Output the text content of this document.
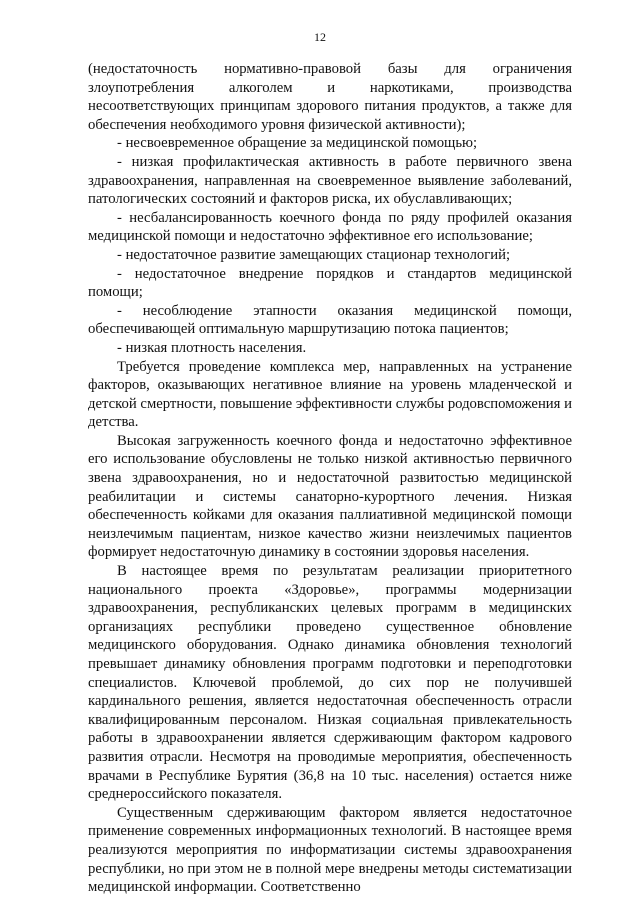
12

(недостаточность нормативно-правовой базы для ограничения злоупотребления алкоголем и наркотиками, производства несоответствующих принципам здорового питания продуктов, а также для обеспечения необходимого уровня физической активности);

- несвоевременное обращение за медицинской помощью;

- низкая профилактическая активность в работе первичного звена здравоохранения, направленная на своевременное выявление заболеваний, патологических состояний и факторов риска, их обуславливающих;

- несбалансированность коечного фонда по ряду профилей оказания медицинской помощи и недостаточно эффективное его использование;

- недостаточное развитие замещающих стационар технологий;

- недостаточное внедрение порядков и стандартов медицинской помощи;

- несоблюдение этапности оказания медицинской помощи, обеспечивающей оптимальную маршрутизацию потока пациентов;

- низкая плотность населения.

Требуется проведение комплекса мер, направленных на устранение факторов, оказывающих негативное влияние на уровень младенческой и детской смертности, повышение эффективности службы родовспоможения и детства.

Высокая загруженность коечного фонда и недостаточно эффективное его использование обусловлены не только низкой активностью первичного звена здравоохранения, но и недостаточной развитостью медицинской реабилитации и системы санаторно-курортного лечения. Низкая обеспеченность койками для оказания паллиативной медицинской помощи неизлечимым пациентам, низкое качество жизни неизлечимых пациентов формирует недостаточную динамику в состоянии здоровья населения.

В настоящее время по результатам реализации приоритетного национального проекта «Здоровье», программы модернизации здравоохранения, республиканских целевых программ в медицинских организациях республики проведено существенное обновление медицинского оборудования. Однако динамика обновления технологий превышает динамику обновления программ подготовки и переподготовки специалистов. Ключевой проблемой, до сих пор не получившей кардинального решения, является недостаточная обеспеченность отрасли квалифицированным персоналом. Низкая социальная привлекательность работы в здравоохранении является сдерживающим фактором кадрового развития отрасли. Несмотря на проводимые мероприятия, обеспеченность врачами в Республике Бурятия (36,8 на 10 тыс. населения) остается ниже среднероссийского показателя.

Существенным сдерживающим фактором является недостаточное применение современных информационных технологий. В настоящее время реализуются мероприятия по информатизации системы здравоохранения республики, но при этом не в полной мере внедрены методы систематизации медицинской информации. Соответственно
